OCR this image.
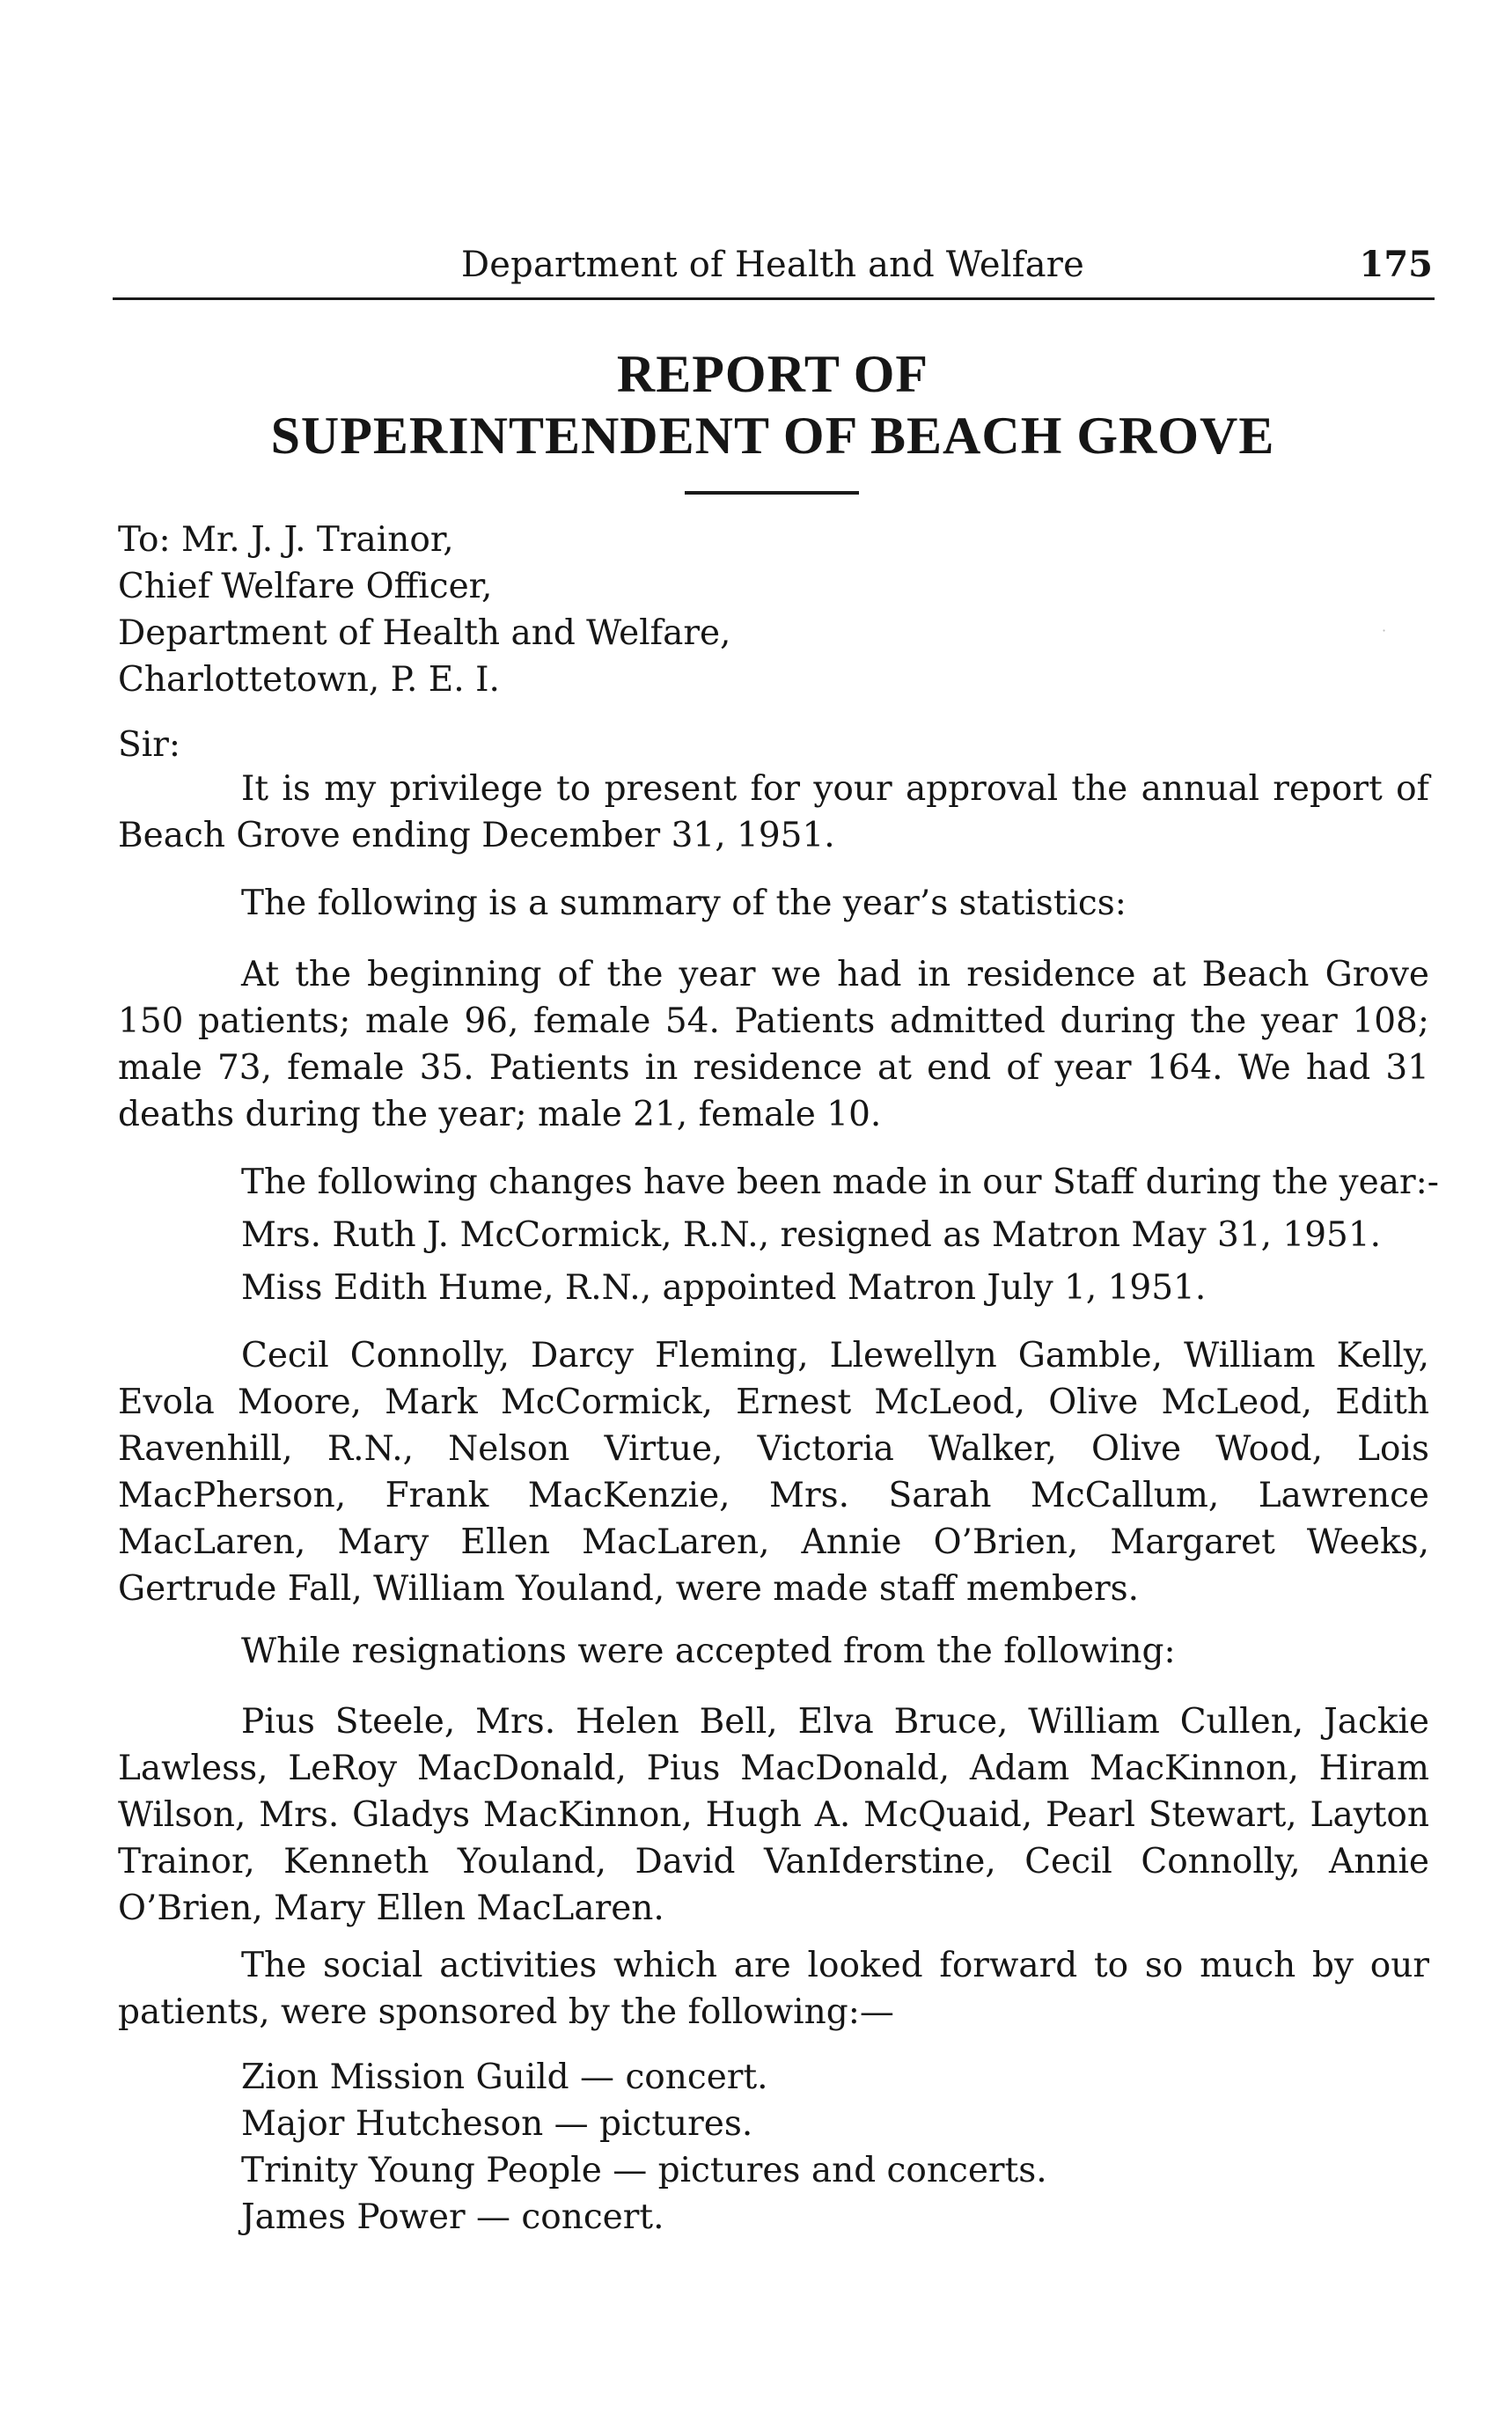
Department of Health and Welfare	175
REPORT OF
SUPERINTENDENT OF BEACH GROVE
·
To: Mr. J. J. Trainor,
Chief Welfare Officer,
Department of Health and Welfare,
Charlottetown, P. E. I.
Sir:
It is my privilege to present for your approval the annual report of Beach Grove ending December 31, 1951.
The following is a summary of the year’s statistics:
At the beginning of the year we had in residence at Beach Grove 150 patients; male 96, female 54. Patients admitted during the year 108; male 73, female 35. Patients in residence at end of year 164. We had 31 deaths during the year; male 21, female 10.
The following changes have been made in our Staff during the year:-
Mrs. Ruth J. McCormick, R.N., resigned as Matron May 31, 1951.
Miss Edith Hume, R.N., appointed Matron July 1, 1951.
Cecil Connolly, Darcy Fleming, Llewellyn Gamble, William Kelly, Evola Moore, Mark McCormick, Ernest McLeod, Olive McLeod, Edith Ravenhill, R.N., Nelson Virtue, Victoria Walker, Olive Wood, Lois MacPherson, Frank MacKenzie, Mrs. Sarah McCallum, Lawrence MacLaren, Mary Ellen MacLaren, Annie O’Brien, Margaret Weeks, Gertrude Fall, William Youland, were made staff members.
While resignations were accepted from the following:
Pius Steele, Mrs. Helen Bell, Elva Bruce, William Cullen, Jackie Lawless, LeRoy MacDonald, Pius MacDonald, Adam MacKinnon, Hiram Wilson, Mrs. Gladys MacKinnon, Hugh A. McQuaid, Pearl Stewart, Layton Trainor, Kenneth Youland, David VanIderstine, Cecil Connolly, Annie O’Brien, Mary Ellen MacLaren.
The social activities which are looked forward to so much by our patients, were sponsored by the following:—
Zion Mission Guild — concert.
Major Hutcheson — pictures.
Trinity Young People — pictures and concerts.
James Power — concert.
